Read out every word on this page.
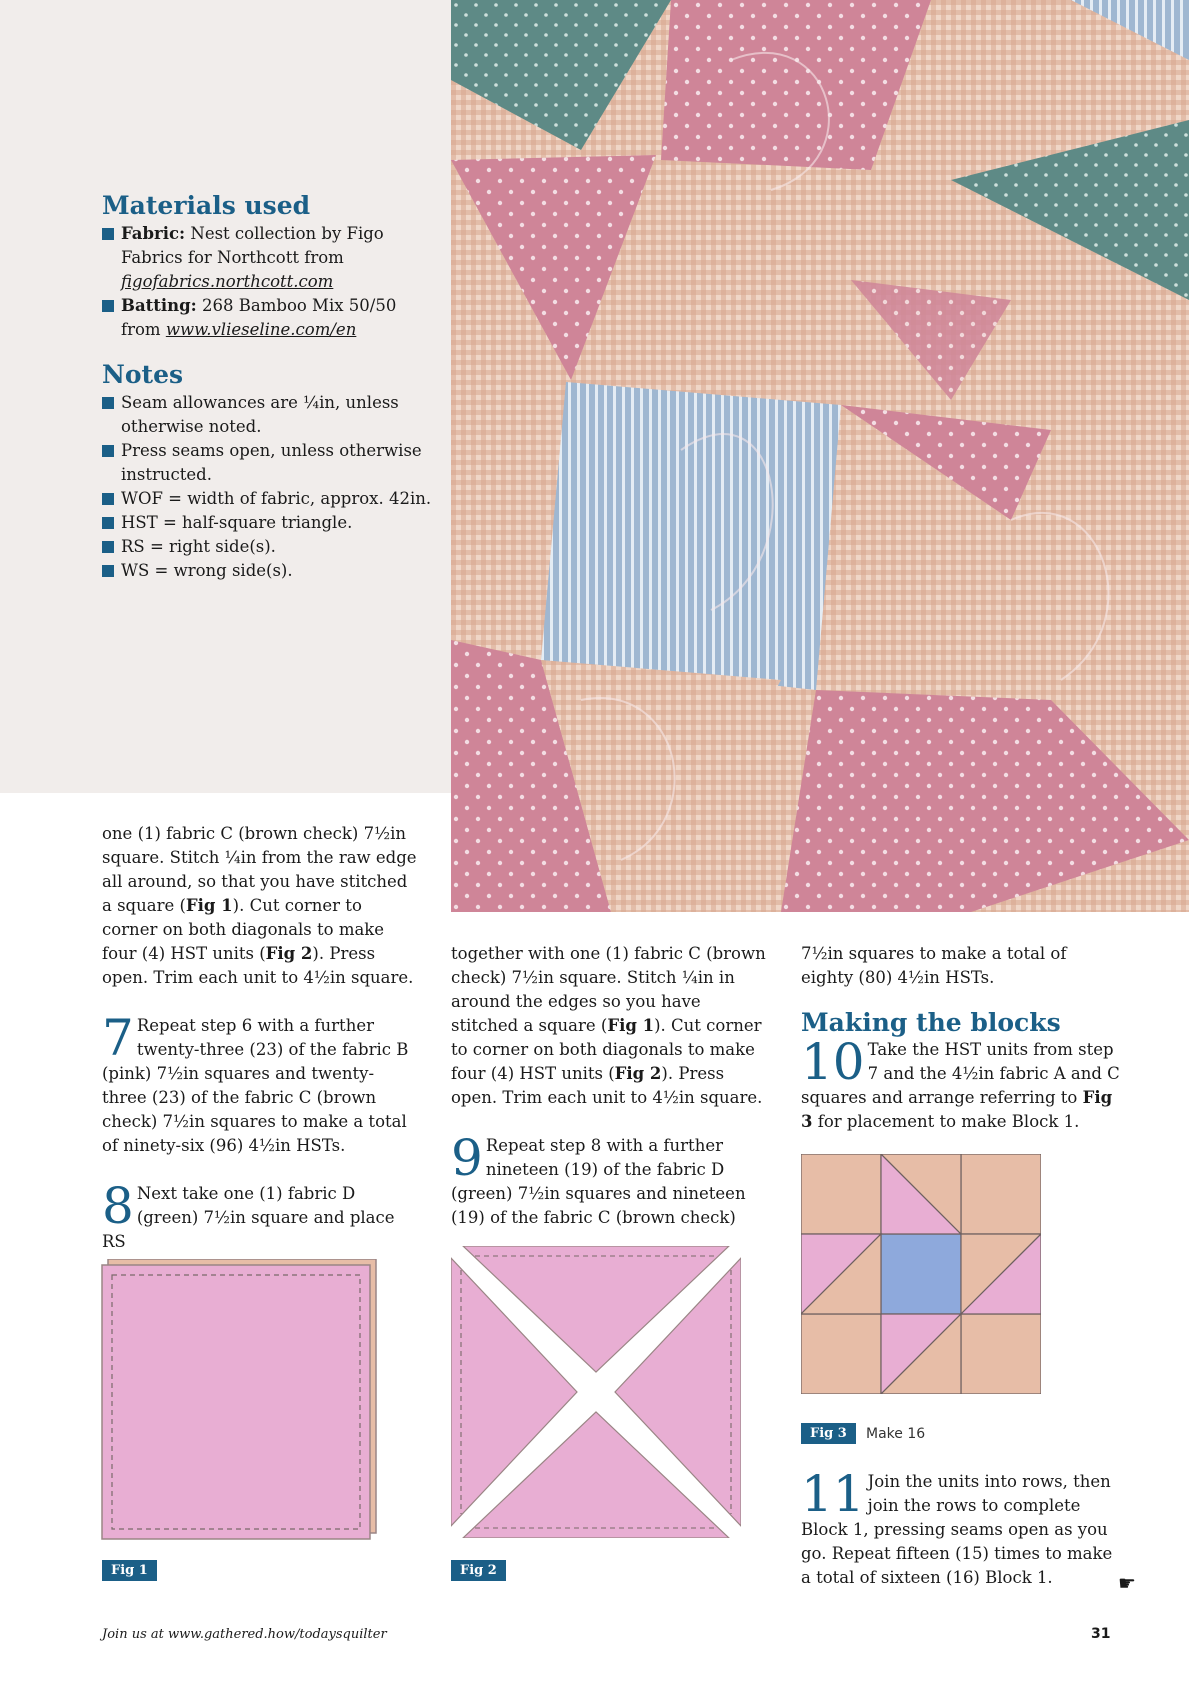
Materials used
Fabric: Nest collection by Figo Fabrics for Northcott from figofabrics.northcott.com
Batting: 268 Bamboo Mix 50/50 from www.vlieseline.com/en
Notes
Seam allowances are ¼in, unless otherwise noted.
Press seams open, unless otherwise instructed.
WOF = width of fabric, approx. 42in.
HST = half-square triangle.
RS = right side(s).
WS = wrong side(s).

one (1) fabric C (brown check) 7½in square. Stitch ¼in from the raw edge all around, so that you have stitched a square (Fig 1). Cut corner to corner on both diagonals to make four (4) HST units (Fig 2). Press open. Trim each unit to 4½in square.

7 Repeat step 6 with a further twenty-three (23) of the fabric B (pink) 7½in squares and twenty-three (23) of the fabric C (brown check) 7½in squares to make a total of ninety-six (96) 4½in HSTs.
8 Next take one (1) fabric D (green) 7½in square and place RS

together with one (1) fabric C (brown check) 7½in square. Stitch ¼in in around the edges so you have stitched a square (Fig 1). Cut corner to corner on both diagonals to make four (4) HST units (Fig 2). Press open. Trim each unit to 4½in square.

9 Repeat step 8 with a further nineteen (19) of the fabric D (green) 7½in squares and nineteen (19) of the fabric C (brown check)

7½in squares to make a total of eighty (80) 4½in HSTs.

Making the blocks
10 Take the HST units from step 7 and the 4½in fabric A and C squares and arrange referring to Fig 3 for placement to make Block 1.
11 Join the units into rows, then join the rows to complete Block 1, pressing seams open as you go. Repeat fifteen (15) times to make a total of sixteen (16) Block 1.
Fig 1	Fig 2
Fig 3	Make 16
☛
Join us at www.gathered.how/todaysquilter	31
